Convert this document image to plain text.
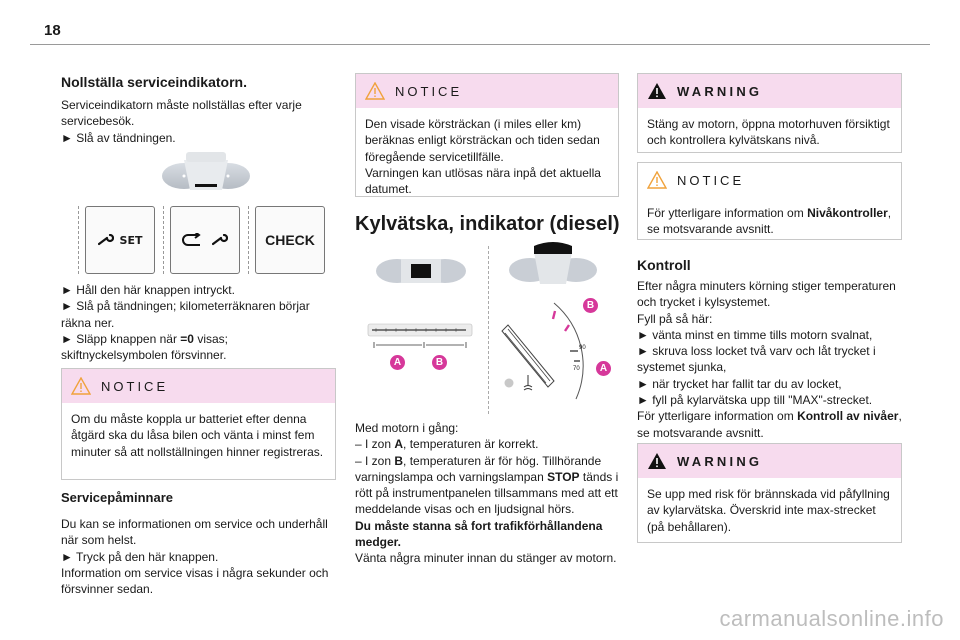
18
Nollställa serviceindikatorn.
Serviceindikatorn måste nollställas efter varje servicebesök.
► Slå av tändningen.
SET	CHECK
► Håll den här knappen intryckt.
► Slå på tändningen; kilometerräknaren börjar räkna ner.
► Släpp knappen när =0 visas;
skiftnyckelsymbolen försvinner.
NOTICE
Om du måste koppla ur batteriet efter denna åtgärd ska du låsa bilen och vänta i minst fem minuter så att nollställningen hinner registreras.
Servicepåminnare
Du kan se informationen om service och underhåll när som helst.
► Tryck på den här knappen.
Information om service visas i några sekunder och försvinner sedan.
NOTICE
Den visade körsträckan (i miles eller km) beräknas enligt körsträckan och tiden sedan föregående servicetillfälle.
Varningen kan utlösas nära inpå det aktuella datumet.
Kylvätska, indikator (diesel)
A	B
90
70
B
A
Med motorn i gång:
– I zon A, temperaturen är korrekt.
– I zon B, temperaturen är för hög. Tillhörande varningslampa och varningslampan STOP tänds i rött på instrumentpanelen tillsammans med att ett meddelande visas och en ljudsignal hörs.
Du måste stanna så fort trafikförhållandena medger.
Vänta några minuter innan du stänger av motorn.
WARNING
Stäng av motorn, öppna motorhuven försiktigt och kontrollera kylvätskans nivå.
NOTICE
För ytterligare information om Nivåkontroller, se motsvarande avsnitt.
Kontroll
Efter några minuters körning stiger temperaturen och trycket i kylsystemet.
Fyll på så här:
► vänta minst en timme tills motorn svalnat,
► skruva loss locket två varv och låt trycket i systemet sjunka,
► när trycket har fallit tar du av locket,
► fyll på kylarvätska upp till "MAX"-strecket.
För ytterligare information om Kontroll av nivåer, se motsvarande avsnitt.
WARNING
Se upp med risk för brännskada vid påfyllning av kylarvätska. Överskrid inte max-strecket (på behållaren).
carmanualsonline.info
